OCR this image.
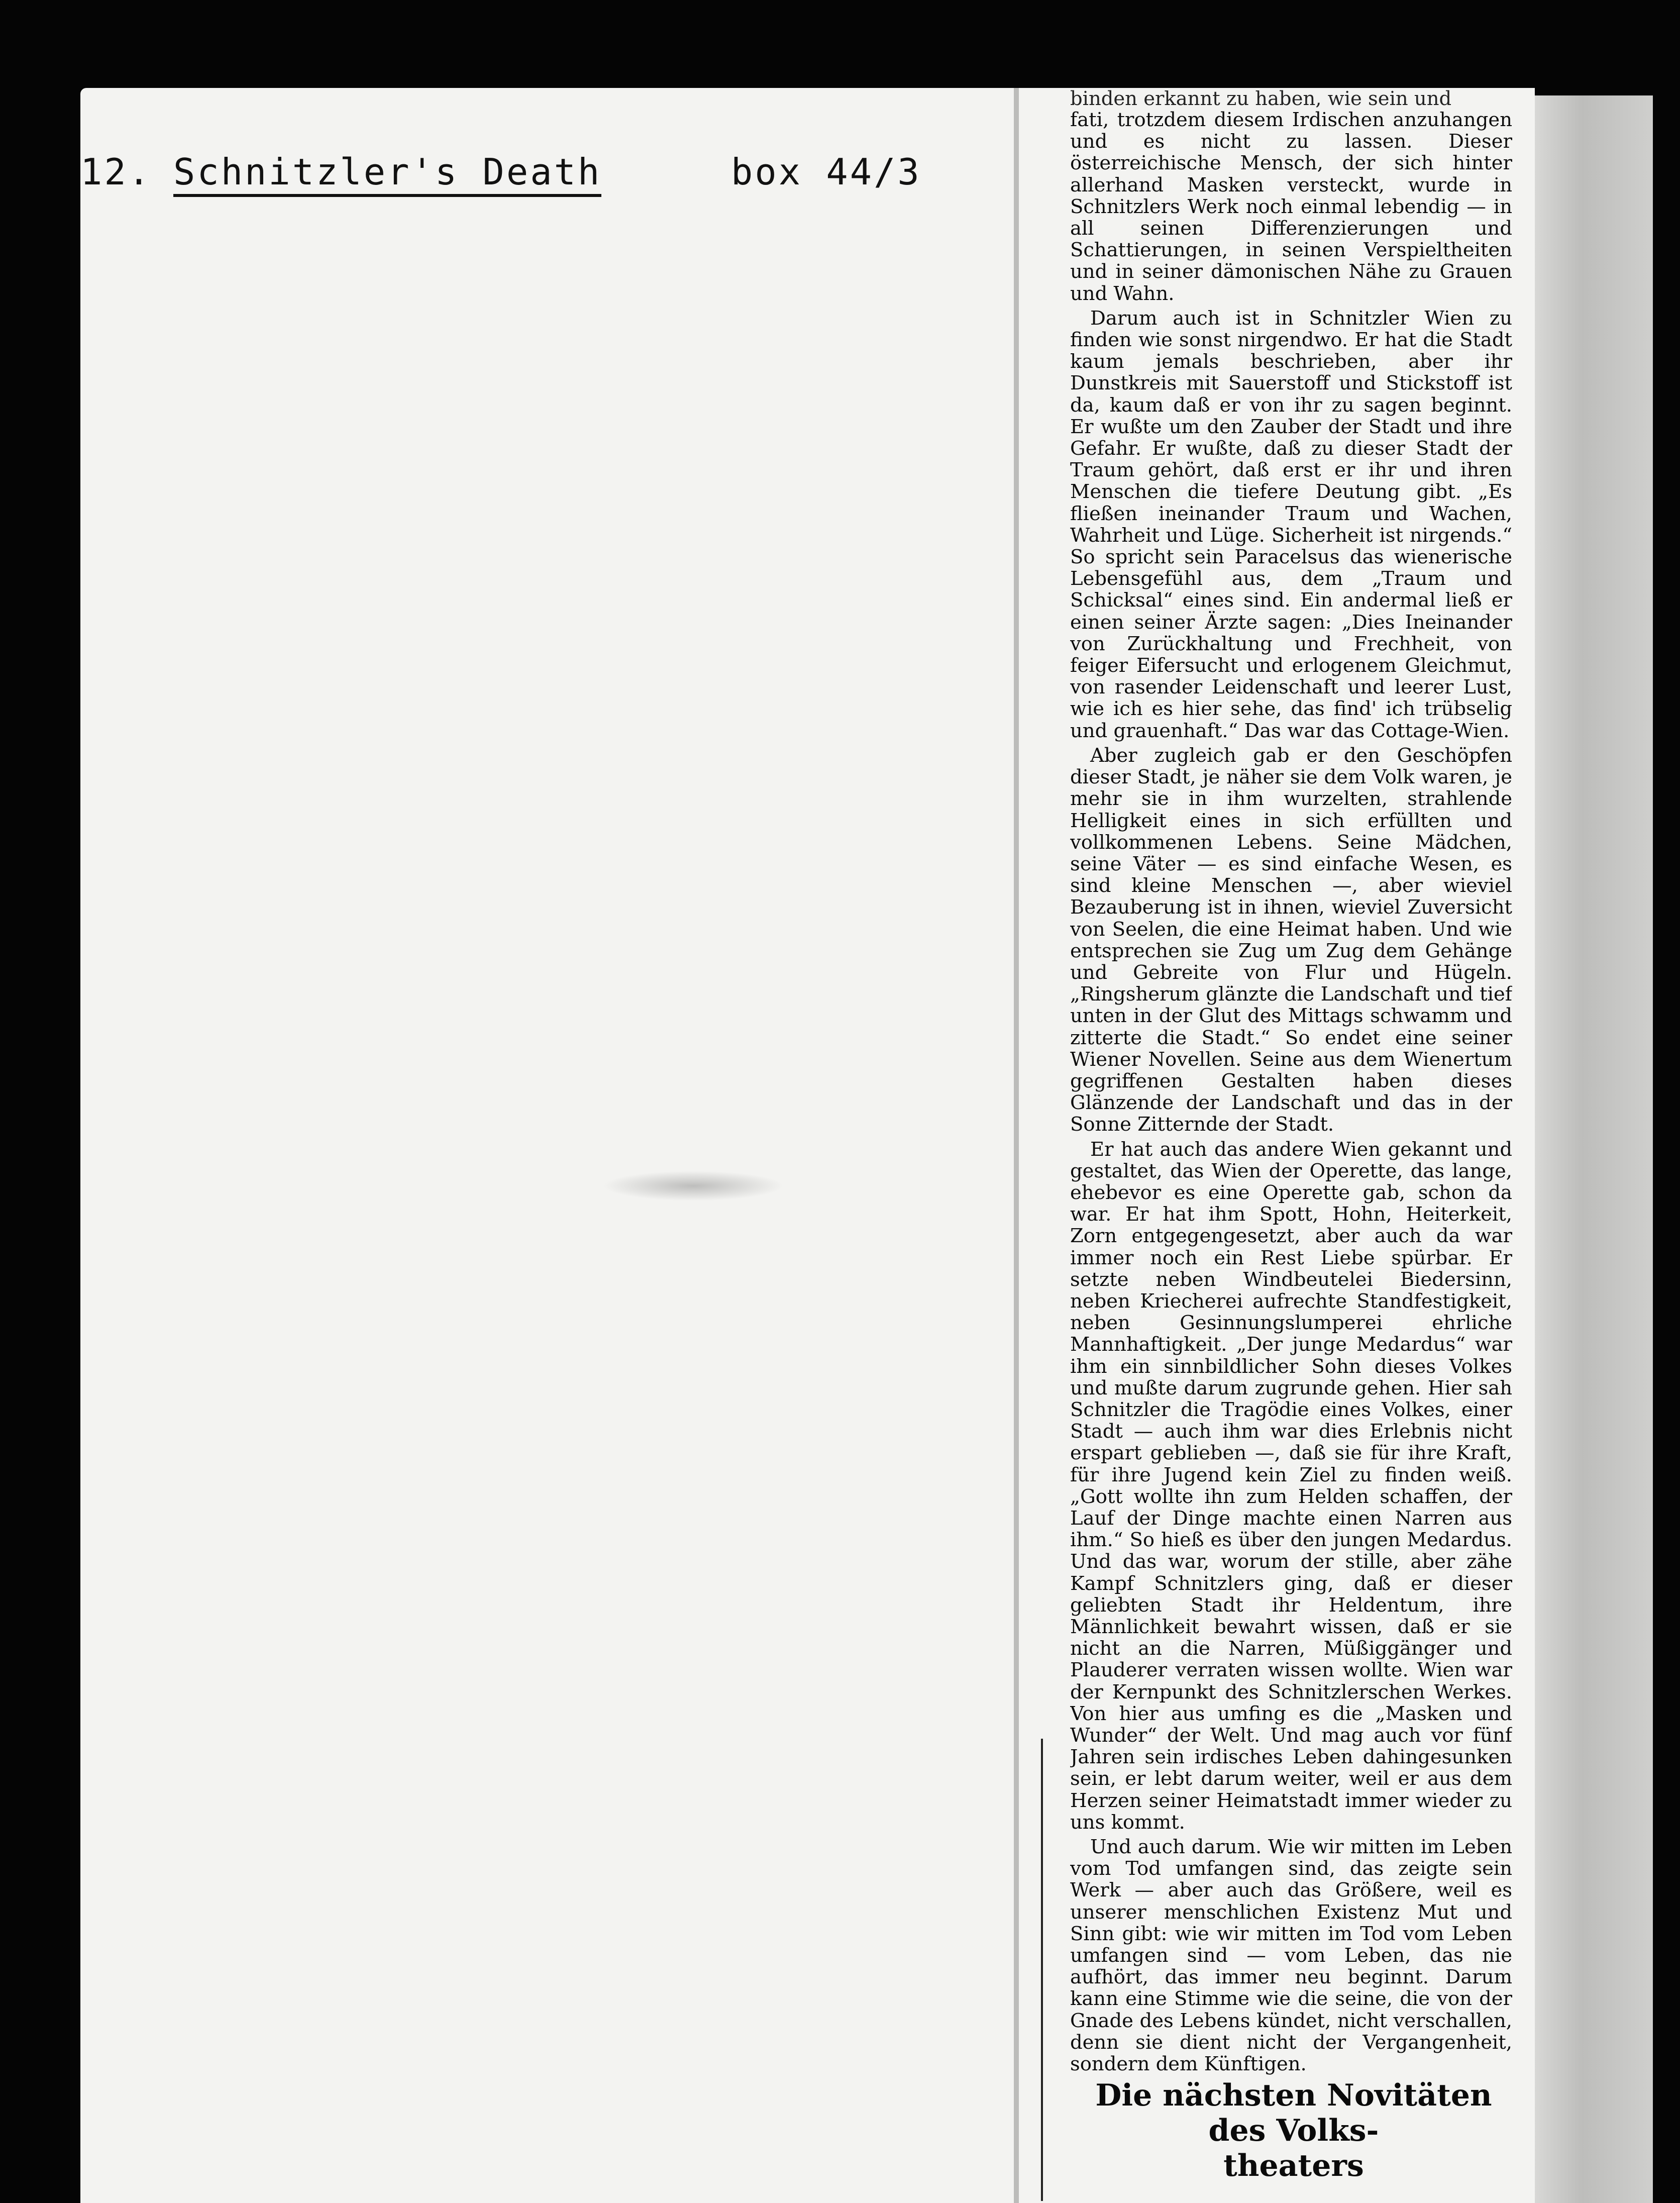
12. Schnitzler's Death	box 44/3
binden erkannt zu haben, wie sein und

fati, trotzdem diesem Irdischen anzuhangen und es nicht zu lassen. Dieser österreichische Mensch, der sich hinter allerhand Masken versteckt, wurde in Schnitzlers Werk noch einmal lebendig — in all seinen Differenzierungen und Schattierungen, in seinen Verspieltheiten und in seiner dämonischen Nähe zu Grauen und Wahn.

Darum auch ist in Schnitzler Wien zu finden wie sonst nirgendwo. Er hat die Stadt kaum jemals beschrieben, aber ihr Dunstkreis mit Sauerstoff und Stickstoff ist da, kaum daß er von ihr zu sagen beginnt. Er wußte um den Zauber der Stadt und ihre Gefahr. Er wußte, daß zu dieser Stadt der Traum gehört, daß erst er ihr und ihren Menschen die tiefere Deutung gibt. „Es fließen ineinander Traum und Wachen, Wahrheit und Lüge. Sicherheit ist nirgends.“ So spricht sein Paracelsus das wienerische Lebensgefühl aus, dem „Traum und Schicksal“ eines sind. Ein andermal ließ er einen seiner Ärzte sagen: „Dies Ineinander von Zurückhaltung und Frechheit, von feiger Eifersucht und erlogenem Gleichmut, von rasender Leidenschaft und leerer Lust, wie ich es hier sehe, das find' ich trübselig und grauenhaft.“ Das war das Cottage-Wien.

Aber zugleich gab er den Geschöpfen dieser Stadt, je näher sie dem Volk waren, je mehr sie in ihm wurzelten, strahlende Helligkeit eines in sich erfüllten und vollkommenen Lebens. Seine Mädchen, seine Väter — es sind einfache Wesen, es sind kleine Menschen —, aber wieviel Bezauberung ist in ihnen, wieviel Zuversicht von Seelen, die eine Heimat haben. Und wie entsprechen sie Zug um Zug dem Gehänge und Gebreite von Flur und Hügeln. „Ringsherum glänzte die Landschaft und tief unten in der Glut des Mittags schwamm und zitterte die Stadt.“ So endet eine seiner Wiener Novellen. Seine aus dem Wienertum gegriffenen Gestalten haben dieses Glänzende der Landschaft und das in der Sonne Zitternde der Stadt.

Er hat auch das andere Wien gekannt und gestaltet, das Wien der Operette, das lange, ehebevor es eine Operette gab, schon da war. Er hat ihm Spott, Hohn, Heiterkeit, Zorn entgegengesetzt, aber auch da war immer noch ein Rest Liebe spürbar. Er setzte neben Windbeutelei Biedersinn, neben Kriecherei aufrechte Standfestigkeit, neben Gesinnungslumperei ehrliche Mannhaftigkeit. „Der junge Medardus“ war ihm ein sinnbildlicher Sohn dieses Volkes und mußte darum zugrunde gehen. Hier sah Schnitzler die Tragödie eines Volkes, einer Stadt — auch ihm war dies Erlebnis nicht erspart geblieben —, daß sie für ihre Kraft, für ihre Jugend kein Ziel zu finden weiß. „Gott wollte ihn zum Helden schaffen, der Lauf der Dinge machte einen Narren aus ihm.“ So hieß es über den jungen Medardus. Und das war, worum der stille, aber zähe Kampf Schnitzlers ging, daß er dieser geliebten Stadt ihr Heldentum, ihre Männlichkeit bewahrt wissen, daß er sie nicht an die Narren, Müßiggänger und Plauderer verraten wissen wollte. Wien war der Kernpunkt des Schnitzlerschen Werkes. Von hier aus umfing es die „Masken und Wunder“ der Welt. Und mag auch vor fünf Jahren sein irdisches Leben dahingesunken sein, er lebt darum weiter, weil er aus dem Herzen seiner Heimatstadt immer wieder zu uns kommt.

Und auch darum. Wie wir mitten im Leben vom Tod umfangen sind, das zeigte sein Werk — aber auch das Größere, weil es unserer menschlichen Existenz Mut und Sinn gibt: wie wir mitten im Tod vom Leben umfangen sind — vom Leben, das nie aufhört, das immer neu beginnt. Darum kann eine Stimme wie die seine, die von der Gnade des Lebens kündet, nicht verschallen, denn sie dient nicht der Vergangenheit, sondern dem Künftigen.

Die nächsten Novitäten des Volks-
theaters
